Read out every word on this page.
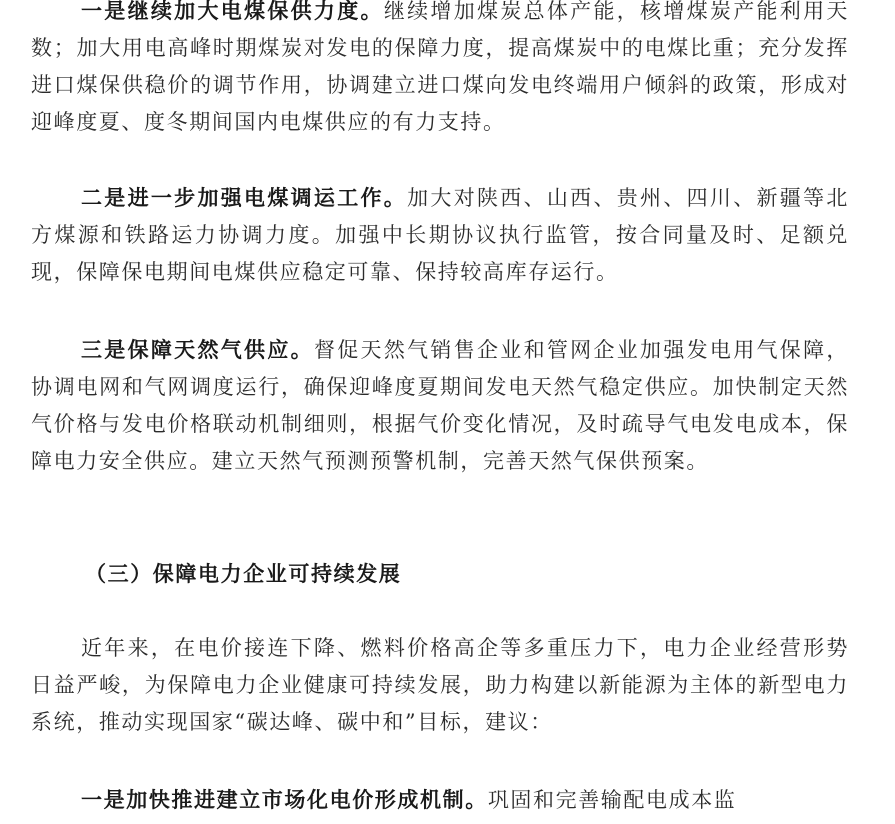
一是继续加大电煤保供力度。继续增加煤炭总体产能，核增煤炭产能利用天数；加大用电高峰时期煤炭对发电的保障力度，提高煤炭中的电煤比重；充分发挥进口煤保供稳价的调节作用，协调建立进口煤向发电终端用户倾斜的政策，形成对迎峰度夏、度冬期间国内电煤供应的有力支持。

二是进一步加强电煤调运工作。加大对陕西、山西、贵州、四川、新疆等北方煤源和铁路运力协调力度。加强中长期协议执行监管，按合同量及时、足额兑现，保障保电期间电煤供应稳定可靠、保持较高库存运行。

三是保障天然气供应。督促天然气销售企业和管网企业加强发电用气保障，协调电网和气网调度运行，确保迎峰度夏期间发电天然气稳定供应。加快制定天然气价格与发电价格联动机制细则，根据气价变化情况，及时疏导气电发电成本，保障电力安全供应。建立天然气预测预警机制，完善天然气保供预案。

（三）保障电力企业可持续发展

近年来，在电价接连下降、燃料价格高企等多重压力下，电力企业经营形势日益严峻，为保障电力企业健康可持续发展，助力构建以新能源为主体的新型电力系统，推动实现国家“碳达峰、碳中和”目标，建议：

一是加快推进建立市场化电价形成机制。巩固和完善输配电成本监
